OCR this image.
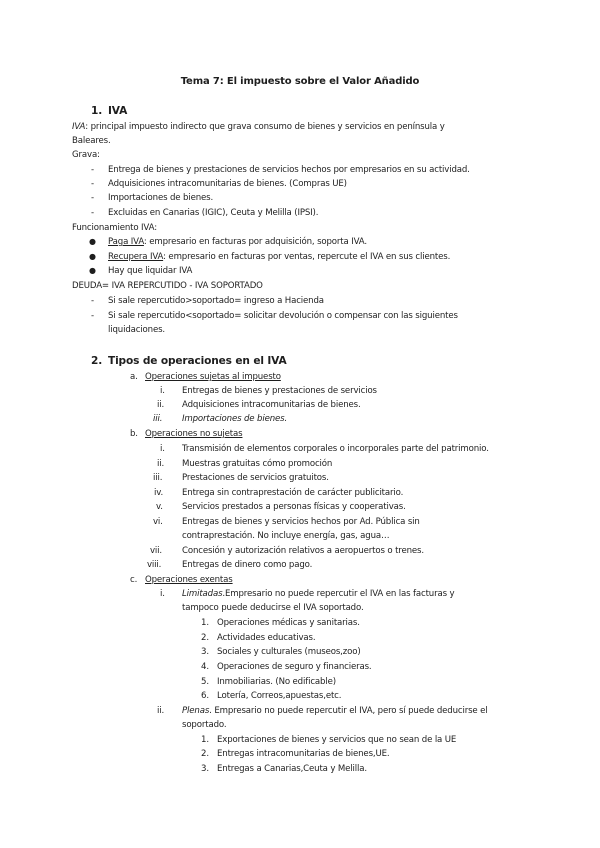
Tema 7: El impuesto sobre el Valor Añadido
1. IVA
IVA: principal impuesto indirecto que grava consumo de bienes y servicios en península y
Baleares.
Grava:
- Entrega de bienes y prestaciones de servicios hechos por empresarios en su actividad.
- Adquisiciones intracomunitarias de bienes. (Compras UE)
- Importaciones de bienes.
- Excluidas en Canarias (IGIC), Ceuta y Melilla (IPSI).
Funcionamiento IVA:
● Paga IVA: empresario en facturas por adquisición, soporta IVA.
● Recupera IVA: empresario en facturas por ventas, repercute el IVA en sus clientes.
● Hay que liquidar IVA
DEUDA= IVA REPERCUTIDO - IVA SOPORTADO
- Si sale repercutido>soportado= ingreso a Hacienda
- Si sale repercutido<soportado= solicitar devolución o compensar con las siguientes
liquidaciones.
2. Tipos de operaciones en el IVA
a. Operaciones sujetas al impuesto
i. Entregas de bienes y prestaciones de servicios
ii. Adquisiciones intracomunitarias de bienes.
iii. Importaciones de bienes.
b. Operaciones no sujetas
i. Transmisión de elementos corporales o incorporales parte del patrimonio.
ii. Muestras gratuitas cómo promoción
iii. Prestaciones de servicios gratuitos.
iv. Entrega sin contraprestación de carácter publicitario.
v. Servicios prestados a personas físicas y cooperativas.
vi. Entregas de bienes y servicios hechos por Ad. Pública sin
contraprestación. No incluye energía, gas, agua…
vii. Concesión y autorización relativos a aeropuertos o trenes.
viii. Entregas de dinero como pago.
c. Operaciones exentas
i. Limitadas.Empresario no puede repercutir el IVA en las facturas y
tampoco puede deducirse el IVA soportado.
1. Operaciones médicas y sanitarias.
2. Actividades educativas.
3. Sociales y culturales (museos,zoo)
4. Operaciones de seguro y financieras.
5. Inmobiliarias. (No edificable)
6. Lotería, Correos,apuestas,etc.
ii. Plenas. Empresario no puede repercutir el IVA, pero sí puede deducirse el
soportado.
1. Exportaciones de bienes y servicios que no sean de la UE
2. Entregas intracomunitarias de bienes,UE.
3. Entregas a Canarias,Ceuta y Melilla.
